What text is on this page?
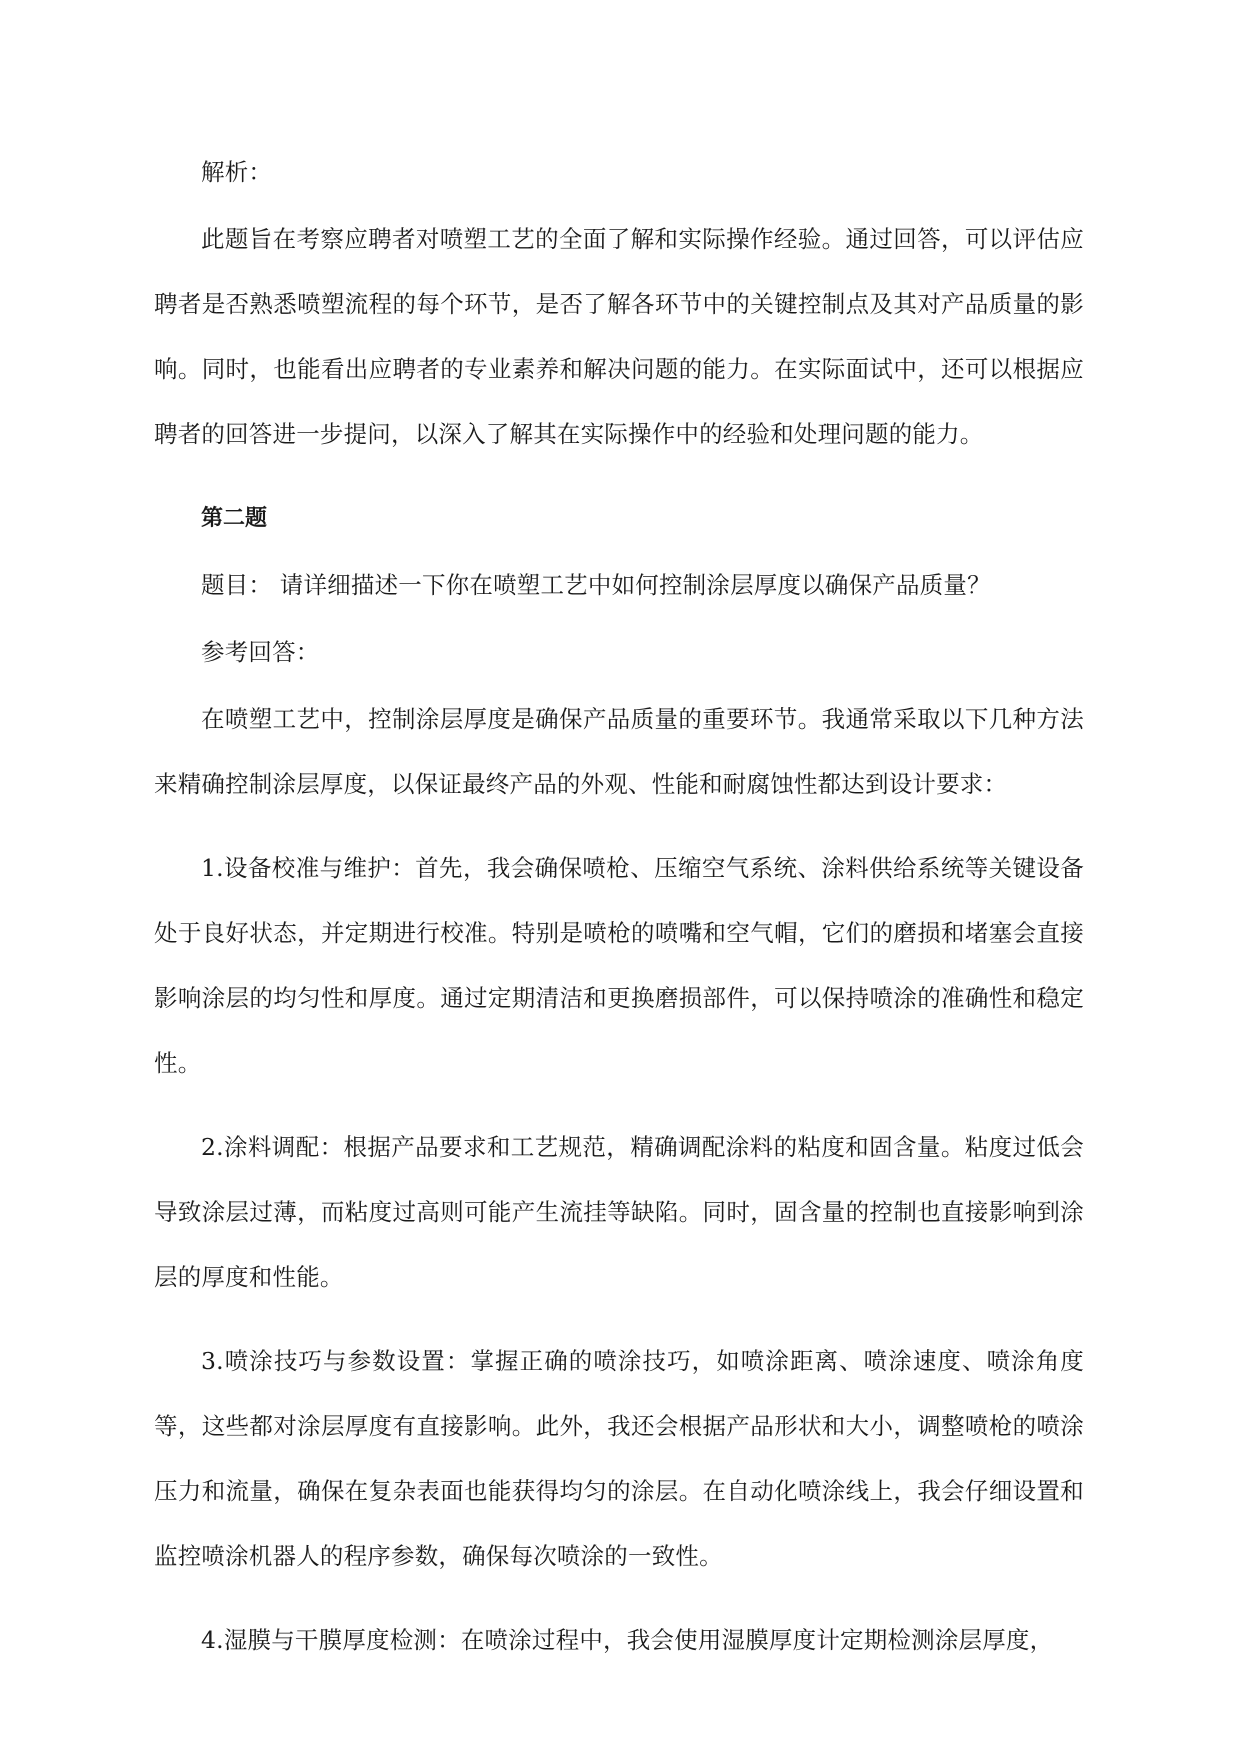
解析：

此题旨在考察应聘者对喷塑工艺的全面了解和实际操作经验。通过回答，可以评估应聘者是否熟悉喷塑流程的每个环节，是否了解各环节中的关键控制点及其对产品质量的影响。同时，也能看出应聘者的专业素养和解决问题的能力。在实际面试中，还可以根据应聘者的回答进一步提问，以深入了解其在实际操作中的经验和处理问题的能力。

第二题

题目： 请详细描述一下你在喷塑工艺中如何控制涂层厚度以确保产品质量？

参考回答：

在喷塑工艺中，控制涂层厚度是确保产品质量的重要环节。我通常采取以下几种方法来精确控制涂层厚度，以保证最终产品的外观、性能和耐腐蚀性都达到设计要求：

1.设备校准与维护：首先，我会确保喷枪、压缩空气系统、涂料供给系统等关键设备处于良好状态，并定期进行校准。特别是喷枪的喷嘴和空气帽，它们的磨损和堵塞会直接影响涂层的均匀性和厚度。通过定期清洁和更换磨损部件，可以保持喷涂的准确性和稳定性。

2.涂料调配：根据产品要求和工艺规范，精确调配涂料的粘度和固含量。粘度过低会导致涂层过薄，而粘度过高则可能产生流挂等缺陷。同时，固含量的控制也直接影响到涂层的厚度和性能。

3.喷涂技巧与参数设置：掌握正确的喷涂技巧，如喷涂距离、喷涂速度、喷涂角度等，这些都对涂层厚度有直接影响。此外，我还会根据产品形状和大小，调整喷枪的喷涂压力和流量，确保在复杂表面也能获得均匀的涂层。在自动化喷涂线上，我会仔细设置和监控喷涂机器人的程序参数，确保每次喷涂的一致性。

4.湿膜与干膜厚度检测：在喷涂过程中，我会使用湿膜厚度计定期检测涂层厚度，
